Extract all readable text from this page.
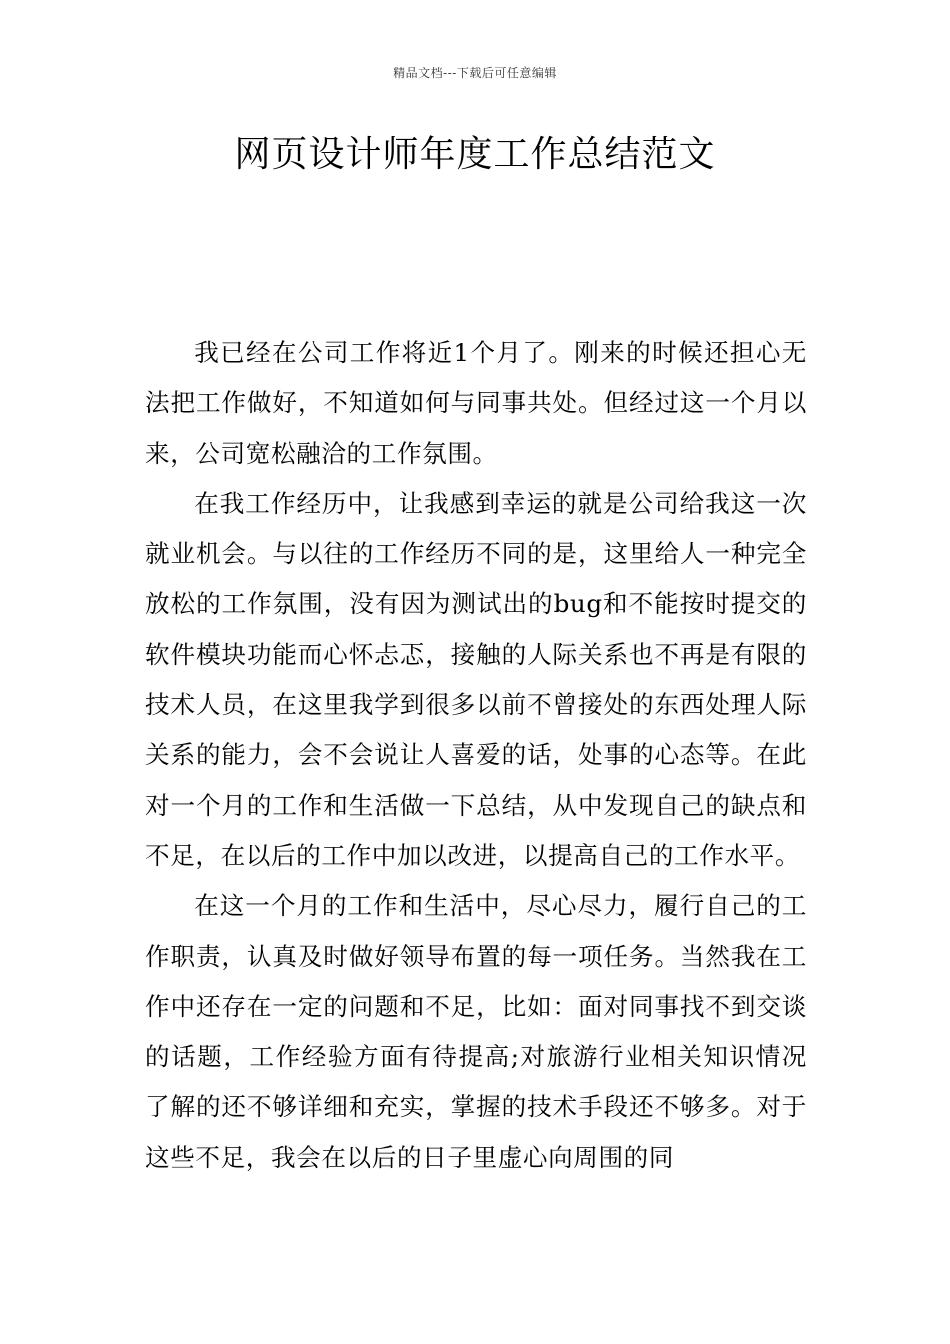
精品文档---下载后可任意编辑
网页设计师年度工作总结范文

我已经在公司工作将近1个月了。刚来的时候还担心无法把工作做好，不知道如何与同事共处。但经过这一个月以来，公司宽松融洽的工作氛围。

在我工作经历中，让我感到幸运的就是公司给我这一次就业机会。与以往的工作经历不同的是，这里给人一种完全放松的工作氛围，没有因为测试出的bug和不能按时提交的软件模块功能而心怀忐忑，接触的人际关系也不再是有限的技术人员，在这里我学到很多以前不曾接处的东西处理人际关系的能力，会不会说让人喜爱的话，处事的心态等。在此对一个月的工作和生活做一下总结，从中发现自己的缺点和不足，在以后的工作中加以改进，以提高自己的工作水平。

在这一个月的工作和生活中，尽心尽力，履行自己的工作职责，认真及时做好领导布置的每一项任务。当然我在工作中还存在一定的问题和不足，比如：面对同事找不到交谈的话题，工作经验方面有待提高;对旅游行业相关知识情况了解的还不够详细和充实，掌握的技术手段还不够多。对于这些不足，我会在以后的日子里虚心向周围的同
